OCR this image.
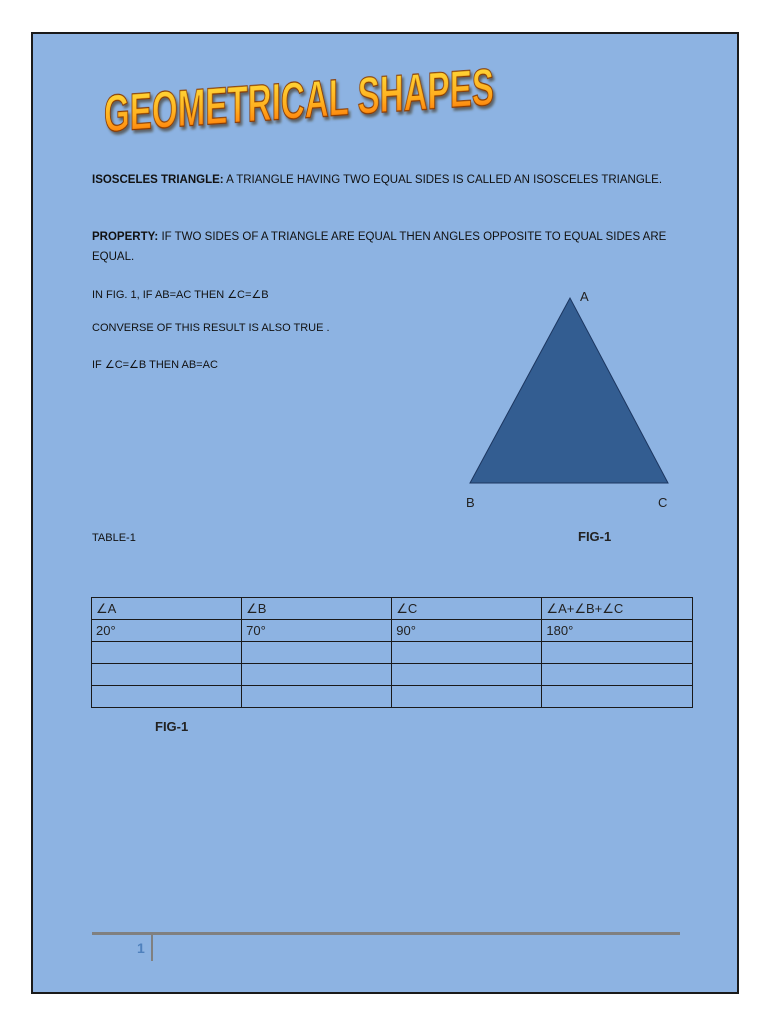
GEOMETRICAL SHAPES
ISOSCELES TRIANGLE: A TRIANGLE HAVING TWO EQUAL SIDES IS CALLED AN ISOSCELES TRIANGLE.
PROPERTY: IF TWO SIDES OF A TRIANGLE ARE EQUAL THEN ANGLES OPPOSITE TO EQUAL SIDES ARE EQUAL.
IN FIG. 1, IF AB=AC THEN ∠C=∠B
CONVERSE OF THIS RESULT IS ALSO TRUE .
IF ∠C=∠B THEN AB=AC
A
B	C
TABLE-1	FIG-1
∠A	∠B	∠C	∠A+∠B+∠C
20°	70°	90°	180°

FIG-1
1
